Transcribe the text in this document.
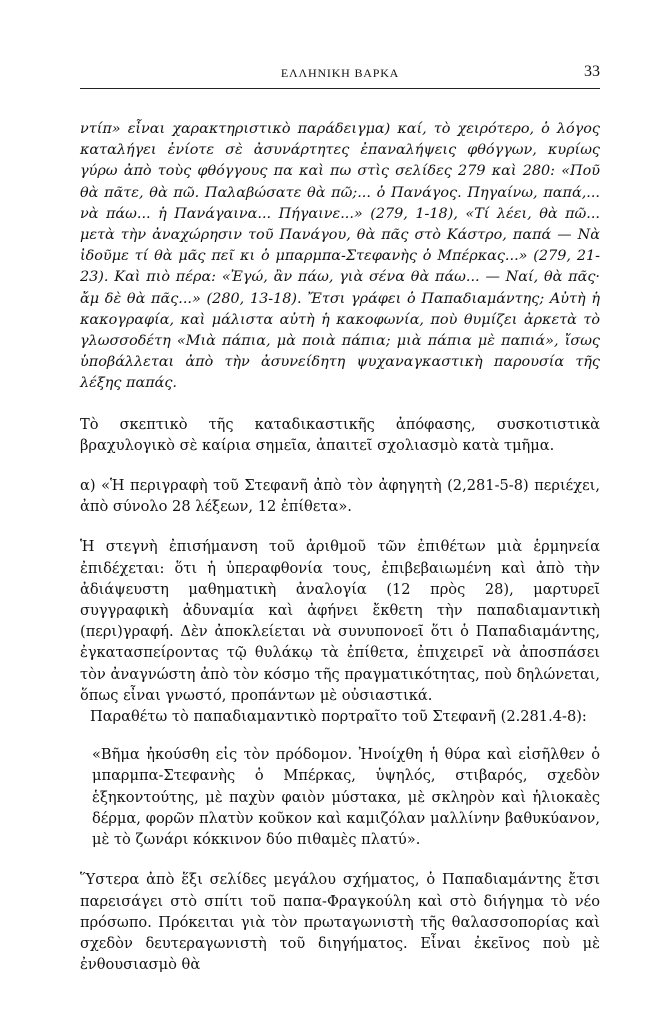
ΕΛΛΗΝΙΚΗ ΒΑΡΚΑ	33

ντίπ» εἶναι χαρακτηριστικὸ παράδειγμα) καί, τὸ χειρότερο, ὁ λόγος καταλήγει ἐνίοτε σὲ ἀσυνάρτητες ἐπαναλήψεις φθόγγων, κυρίως γύρω ἀπὸ τοὺς φθόγγους πα καὶ πω στὶς σελίδες 279 καὶ 280: «Ποῦ θὰ πᾶτε, θὰ πῶ. Παλαβώσατε θὰ πῶ;... ὁ Πανάγος. Πηγαίνω, παπά,... νὰ πάω... ἡ Πανάγαινα... Πήγαινε...» (279, 1-18), «Τί λέει, θὰ πῶ... μετὰ τὴν ἀναχώρησιν τοῦ Πανάγου, θὰ πᾶς στὸ Κάστρο, παπά — Νὰ ἰδοῦμε τί θὰ μᾶς πεῖ κι ὁ μπαρμπα-Στεφανὴς ὁ Μπέρκας...» (279, 21-23). Καὶ πιὸ πέρα: «Ἐγώ, ἂν πάω, γιὰ σένα θὰ πάω... — Ναί, θὰ πᾶς· ἄμ δὲ θὰ πᾶς...» (280, 13-18). Ἔτσι γράφει ὁ Παπαδιαμάντης; Αὐτὴ ἡ κακογραφία, καὶ μάλιστα αὐτὴ ἡ κακοφωνία, ποὺ θυμίζει ἀρκετὰ τὸ γλωσσοδέτη «Μιὰ πάπια, μὰ ποιὰ πάπια; μιὰ πάπια μὲ παπιά», ἴσως ὑποβάλλεται ἀπὸ τὴν ἀσυνείδητη ψυχαναγκαστικὴ παρουσία τῆς λέξης παπάς.

Τὸ σκεπτικὸ τῆς καταδικαστικῆς ἀπόφασης, συσκοτιστικὰ βραχυλογικὸ σὲ καίρια σημεῖα, ἀπαιτεῖ σχολιασμὸ κατὰ τμῆμα.

α) «Ἡ περιγραφὴ τοῦ Στεφανῆ ἀπὸ τὸν ἀφηγητὴ (2,281-5-8) περιέχει, ἀπὸ σύνολο 28 λέξεων, 12 ἐπίθετα».

Ἡ στεγνὴ ἐπισήμανση τοῦ ἀριθμοῦ τῶν ἐπιθέτων μιὰ ἑρμηνεία ἐπιδέχεται: ὅτι ἡ ὑπεραφθονία τους, ἐπιβεβαιωμένη καὶ ἀπὸ τὴν ἀδιάψευστη μαθηματικὴ ἀναλογία (12 πρὸς 28), μαρτυρεῖ συγγραφικὴ ἀδυναμία καὶ ἀφήνει ἔκθετη τὴν παπαδιαμαντικὴ (περι)γραφή. Δὲν ἀποκλείεται νὰ συνυπονοεῖ ὅτι ὁ Παπαδιαμάντης, ἐγκατασπείροντας τῷ θυλάκῳ τὰ ἐπίθετα, ἐπιχειρεῖ νὰ ἀποσπάσει τὸν ἀναγνώστη ἀπὸ τὸν κόσμο τῆς πραγματικότητας, ποὺ δηλώνεται, ὅπως εἶναι γνωστό, προπάντων μὲ οὐσιαστικά.

Παραθέτω τὸ παπαδιαμαντικὸ πορτραῖτο τοῦ Στεφανῆ (2.281.4-8):

«Βῆμα ἠκούσθη εἰς τὸν πρόδομον. Ἠνοίχθη ἡ θύρα καὶ εἰσῆλθεν ὁ μπαρμπα-Στεφανὴς ὁ Μπέρκας, ὑψηλός, στιβαρός, σχεδὸν ἑξηκοντούτης, μὲ παχὺν φαιὸν μύστακα, μὲ σκληρὸν καὶ ἡλιοκαὲς δέρμα, φορῶν πλατὺν κοῦκον καὶ καμιζόλαν μαλλίνην βαθυκύανον, μὲ τὸ ζωνάρι κόκκινον δύο πιθαμὲς πλατύ».

Ὕστερα ἀπὸ ἕξι σελίδες μεγάλου σχήματος, ὁ Παπαδιαμάντης ἔτσι παρεισάγει στὸ σπίτι τοῦ παπα-Φραγκούλη καὶ στὸ διήγημα τὸ νέο πρόσωπο. Πρόκειται γιὰ τὸν πρωταγωνιστὴ τῆς θαλασσοπορίας καὶ σχεδὸν δευτεραγωνιστὴ τοῦ διηγήματος. Εἶναι ἐκεῖνος ποὺ μὲ ἐνθουσιασμὸ θὰ
